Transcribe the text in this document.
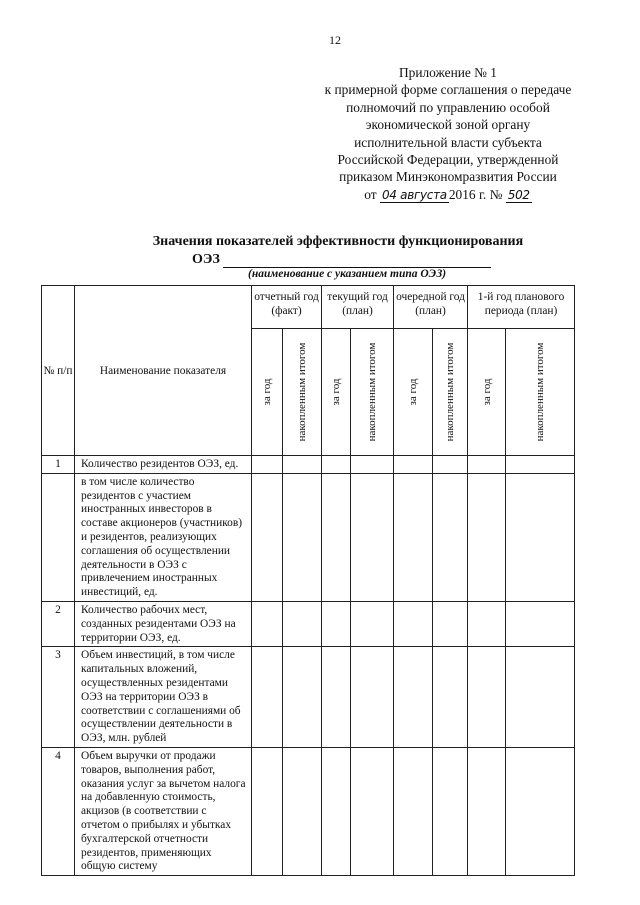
12
Приложение № 1
к примерной форме соглашения о передаче
полномочий по управлению особой
экономической зоной органу
исполнительной власти субъекта
Российской Федерации, утвержденной
приказом Минэкономразвития России
от 04 августа 2016 г. № 502
Значения показателей эффективности функционирования
ОЭЗ
(наименование с указанием типа ОЭЗ)
№ п/п	Наименование показателя	отчетный год (факт)		текущий год (план)		очередной год (план)		1-й год планового периода (план)	

		за год	накопленным итогом	за год	накопленным итогом	за год	накопленным итогом	за год	накопленным итогом

1	Количество резидентов ОЭЗ, ед.								
	в том числе количество резидентов с участием иностранных инвесторов в составе акционеров (участников) и резидентов, реализующих соглашения об осуществлении деятельности в ОЭЗ с привлечением иностранных инвестиций, ед.								
2	Количество рабочих мест, созданных резидентами ОЭЗ на территории ОЭЗ, ед.								
3	Объем инвестиций, в том числе капитальных вложений, осуществленных резидентами ОЭЗ на территории ОЭЗ в соответствии с соглашениями об осуществлении деятельности в ОЭЗ, млн. рублей								
4	Объем выручки от продажи товаров, выполнения работ, оказания услуг за вычетом налога на добавленную стоимость, акцизов (в соответствии с отчетом о прибылях и убытках бухгалтерской отчетности резидентов, применяющих общую систему								
